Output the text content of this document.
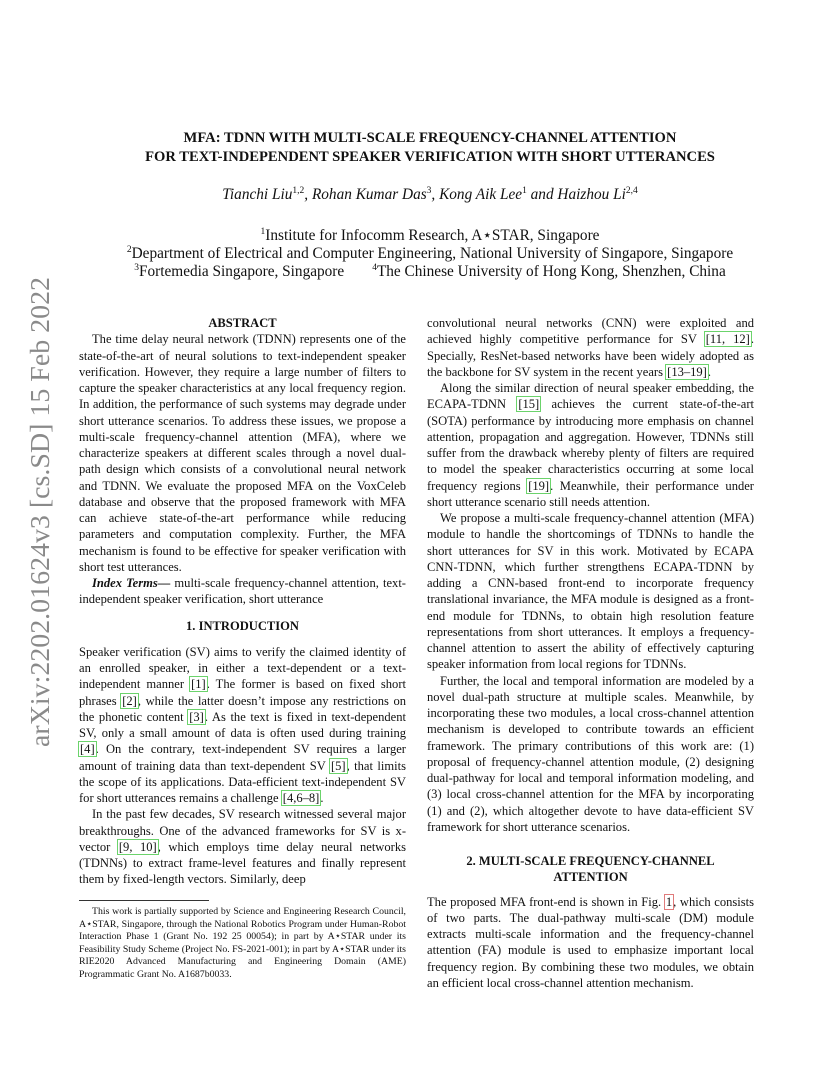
arXiv:2202.01624v3 [cs.SD] 15 Feb 2022
MFA: TDNN WITH MULTI-SCALE FREQUENCY-CHANNEL ATTENTION
FOR TEXT-INDEPENDENT SPEAKER VERIFICATION WITH SHORT UTTERANCES
Tianchi Liu$^{1,2}$, Rohan Kumar Das$^3$, Kong Aik Lee$^1$ and Haizhou Li$^{2,4}$
$^1$Institute for Infocomm Research, A⋆STAR, Singapore
$^2$Department of Electrical and Computer Engineering, National University of Singapore, Singapore
$^3$Fortemedia Singapore, Singapore	$^4$The Chinese University of Hong Kong, Shenzhen, China
ABSTRACT

The time delay neural network (TDNN) represents one of the state-of-the-art of neural solutions to text-independent speaker verification. However, they require a large number of filters to capture the speaker characteristics at any local frequency region. In addition, the performance of such systems may degrade under short utterance scenarios. To address these issues, we propose a multi-scale frequency-channel attention (MFA), where we characterize speakers at different scales through a novel dual-path design which consists of a convolutional neural network and TDNN. We evaluate the proposed MFA on the VoxCeleb database and observe that the proposed framework with MFA can achieve state-of-the-art performance while reducing parameters and computation complexity. Further, the MFA mechanism is found to be effective for speaker verification with short test utterances.

Index Terms— multi-scale frequency-channel attention, text-independent speaker verification, short utterance

1. INTRODUCTION

Speaker verification (SV) aims to verify the claimed identity of an enrolled speaker, in either a text-dependent or a text-independent manner [1]. The former is based on fixed short phrases [2], while the latter doesn’t impose any restrictions on the phonetic content [3]. As the text is fixed in text-dependent SV, only a small amount of data is often used during training [4]. On the contrary, text-independent SV requires a larger amount of training data than text-dependent SV [5], that limits the scope of its applications. Data-efficient text-independent SV for short utterances remains a challenge [4,6–8].

In the past few decades, SV research witnessed several major breakthroughs. One of the advanced frameworks for SV is x-vector [9, 10], which employs time delay neural networks (TDNNs) to extract frame-level features and finally represent them by fixed-length vectors. Similarly, deep

This work is partially supported by Science and Engineering Research Council, A⋆STAR, Singapore, through the National Robotics Program under Human-Robot Interaction Phase 1 (Grant No. 192 25 00054); in part by A⋆STAR under its Feasibility Study Scheme (Project No. FS-2021-001); in part by A⋆STAR under its RIE2020 Advanced Manufacturing and Engineering Domain (AME) Programmatic Grant No. A1687b0033.

convolutional neural networks (CNN) were exploited and achieved highly competitive performance for SV [11, 12]. Specially, ResNet-based networks have been widely adopted as the backbone for SV system in the recent years [13–19].

Along the similar direction of neural speaker embedding, the ECAPA-TDNN [15] achieves the current state-of-the-art (SOTA) performance by introducing more emphasis on channel attention, propagation and aggregation. However, TDNNs still suffer from the drawback whereby plenty of filters are required to model the speaker characteristics occurring at some local frequency regions [19]. Meanwhile, their performance under short utterance scenario still needs attention.

We propose a multi-scale frequency-channel attention (MFA) module to handle the shortcomings of TDNNs to handle the short utterances for SV in this work. Motivated by ECAPA CNN-TDNN, which further strengthens ECAPA-TDNN by adding a CNN-based front-end to incorporate frequency translational invariance, the MFA module is designed as a front-end module for TDNNs, to obtain high resolution feature representations from short utterances. It employs a frequency-channel attention to assert the ability of effectively capturing speaker information from local regions for TDNNs.

Further, the local and temporal information are modeled by a novel dual-path structure at multiple scales. Meanwhile, by incorporating these two modules, a local cross-channel attention mechanism is developed to contribute towards an efficient framework. The primary contributions of this work are: (1) proposal of frequency-channel attention module, (2) designing dual-pathway for local and temporal information modeling, and (3) local cross-channel attention for the MFA by incorporating (1) and (2), which altogether devote to have data-efficient SV framework for short utterance scenarios.

2. MULTI-SCALE FREQUENCY-CHANNEL
ATTENTION

The proposed MFA front-end is shown in Fig. 1, which consists of two parts. The dual-pathway multi-scale (DM) module extracts multi-scale information and the frequency-channel attention (FA) module is used to emphasize important local frequency region. By combining these two modules, we obtain an efficient local cross-channel attention mechanism.
